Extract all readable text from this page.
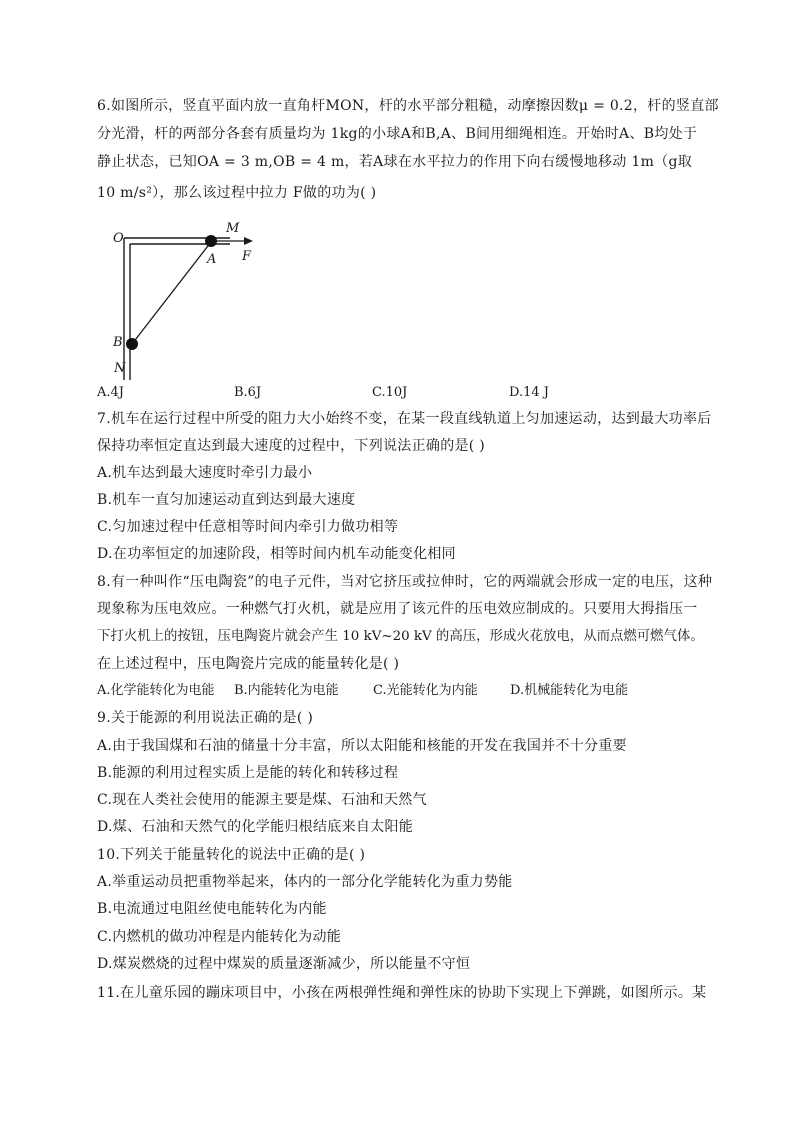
6.如图所示，竖直平面内放一直角杆MON，杆的水平部分粗糙，动摩擦因数μ = 0.2，杆的竖直部
分光滑，杆的两部分各套有质量均为 1kg的小球A和B,A、B间用细绳相连。开始时A、B均处于
静止状态，已知OA = 3 m,OB = 4 m，若A球在水平拉力的作用下向右缓慢地移动 1m（g取
10 m/s²），那么该过程中拉力 F做的功为( )
O
M
A F
B
N
A.4J	B.6J	C.10J	D.14 J
7.机车在运行过程中所受的阻力大小始终不变，在某一段直线轨道上匀加速运动，达到最大功率后
保持功率恒定直达到最大速度的过程中，下列说法正确的是( )
A.机车达到最大速度时牵引力最小
B.机车一直匀加速运动直到达到最大速度
C.匀加速过程中任意相等时间内牵引力做功相等
D.在功率恒定的加速阶段，相等时间内机车动能变化相同
8.有一种叫作“压电陶瓷”的电子元件，当对它挤压或拉伸时，它的两端就会形成一定的电压，这种
现象称为压电效应。一种燃气打火机，就是应用了该元件的压电效应制成的。只要用大拇指压一
下打火机上的按钮，压电陶瓷片就会产生 10 kV~20 kV 的高压，形成火花放电，从而点燃可燃气体。
在上述过程中，压电陶瓷片完成的能量转化是( )
A.化学能转化为电能 B.内能转化为电能	C.光能转化为内能 D.机械能转化为电能
9.关于能源的利用说法正确的是( )
A.由于我国煤和石油的储量十分丰富，所以太阳能和核能的开发在我国并不十分重要
B.能源的利用过程实质上是能的转化和转移过程
C.现在人类社会使用的能源主要是煤、石油和天然气
D.煤、石油和天然气的化学能归根结底来自太阳能
10.下列关于能量转化的说法中正确的是( )
A.举重运动员把重物举起来，体内的一部分化学能转化为重力势能
B.电流通过电阻丝使电能转化为内能
C.内燃机的做功冲程是内能转化为动能
D.煤炭燃烧的过程中煤炭的质量逐渐减少，所以能量不守恒
11.在儿童乐园的蹦床项目中，小孩在两根弹性绳和弹性床的协助下实现上下弹跳，如图所示。某
